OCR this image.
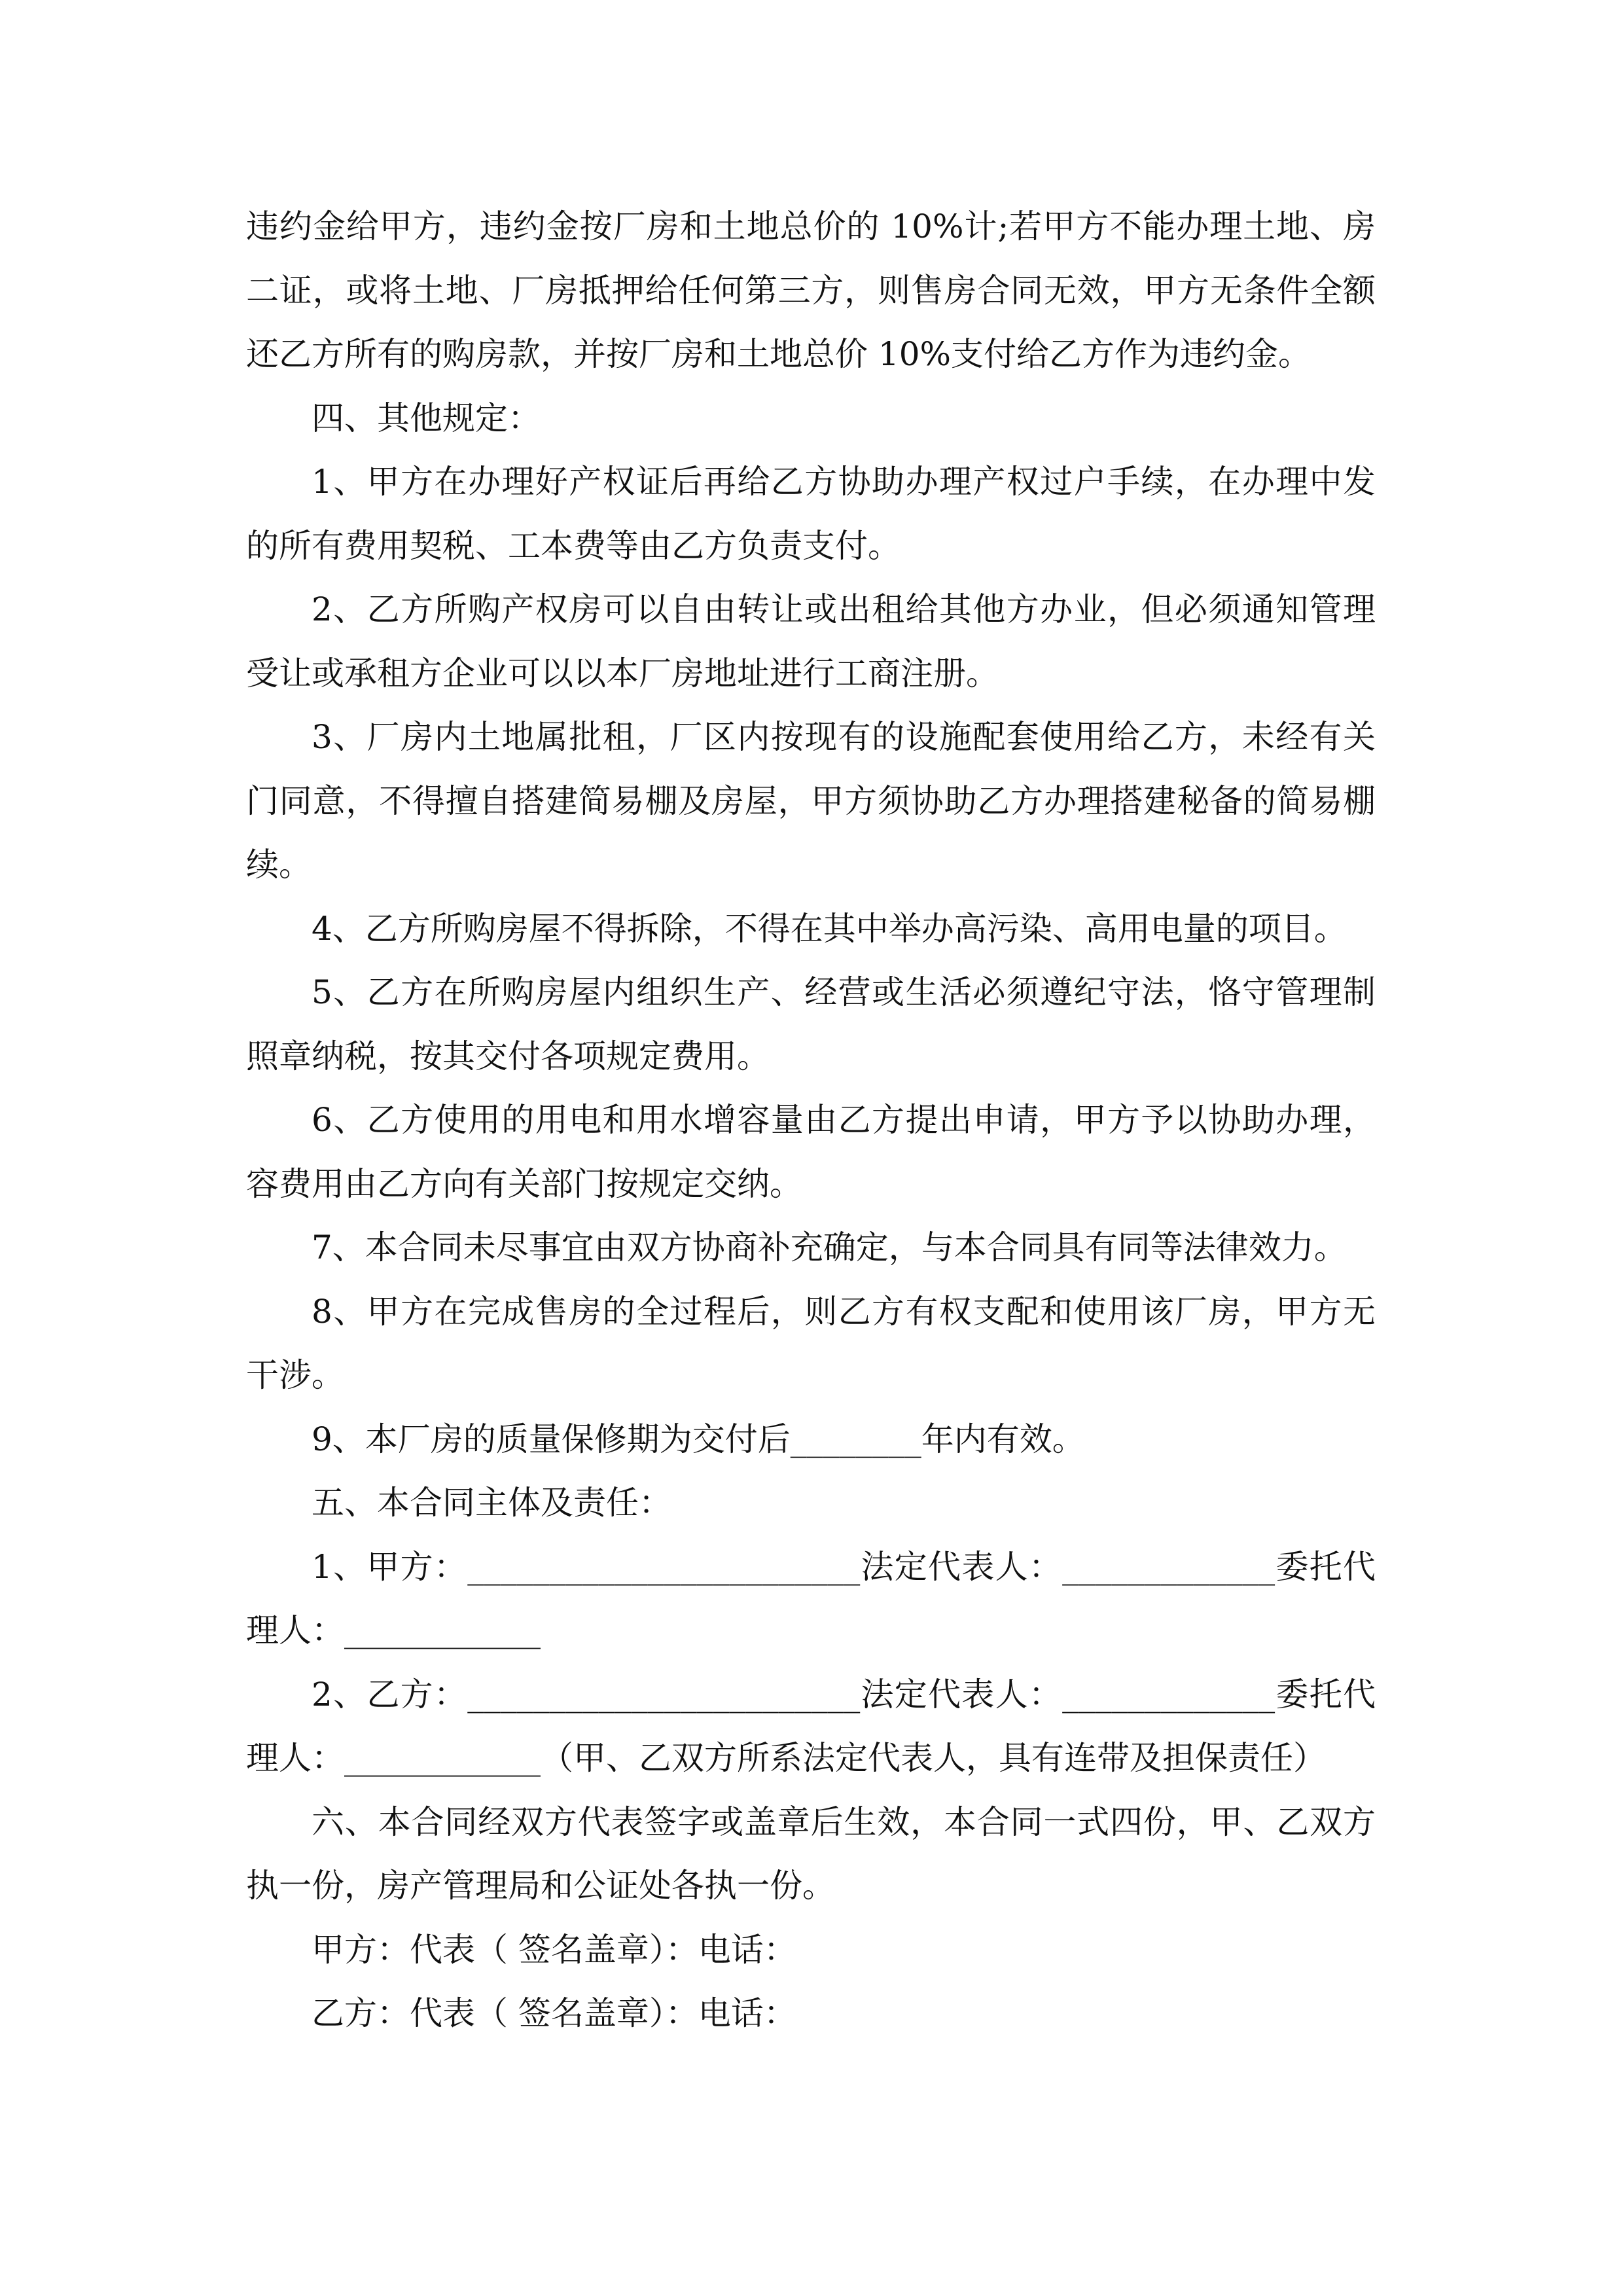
违约金给甲方，违约金按厂房和土地总价的 10%计;若甲方不能办理土地、房
二证，或将土地、厂房抵押给任何第三方，则售房合同无效，甲方无条件全额
还乙方所有的购房款，并按厂房和土地总价 10%支付给乙方作为违约金。
四、其他规定：
1、甲方在办理好产权证后再给乙方协助办理产权过户手续，在办理中发
的所有费用契税、工本费等由乙方负责支付。
2、乙方所购产权房可以自由转让或出租给其他方办业，但必须通知管理
受让或承租方企业可以以本厂房地址进行工商注册。
3、厂房内土地属批租，厂区内按现有的设施配套使用给乙方，未经有关
门同意，不得擅自搭建简易棚及房屋，甲方须协助乙方办理搭建秘备的简易棚
续。
4、乙方所购房屋不得拆除，不得在其中举办高污染、高用电量的项目。
5、乙方在所购房屋内组织生产、经营或生活必须遵纪守法，恪守管理制
照章纳税，按其交付各项规定费用。
6、乙方使用的用电和用水增容量由乙方提出申请，甲方予以协助办理，
容费用由乙方向有关部门按规定交纳。
7、本合同未尽事宜由双方协商补充确定，与本合同具有同等法律效力。
8、甲方在完成售房的全过程后，则乙方有权支配和使用该厂房，甲方无
干涉。
9、本厂房的质量保修期为交付后________年内有效。
五、本合同主体及责任：
1、甲方：________________________法定代表人：_____________委托代
理人：____________
2、乙方：________________________法定代表人：_____________委托代
理人：____________（甲、乙双方所系法定代表人，具有连带及担保责任）
六、本合同经双方代表签字或盖章后生效，本合同一式四份，甲、乙双方
执一份，房产管理局和公证处各执一份。
甲方：代表（ 签名盖章）：电话：
乙方：代表（ 签名盖章）：电话：
